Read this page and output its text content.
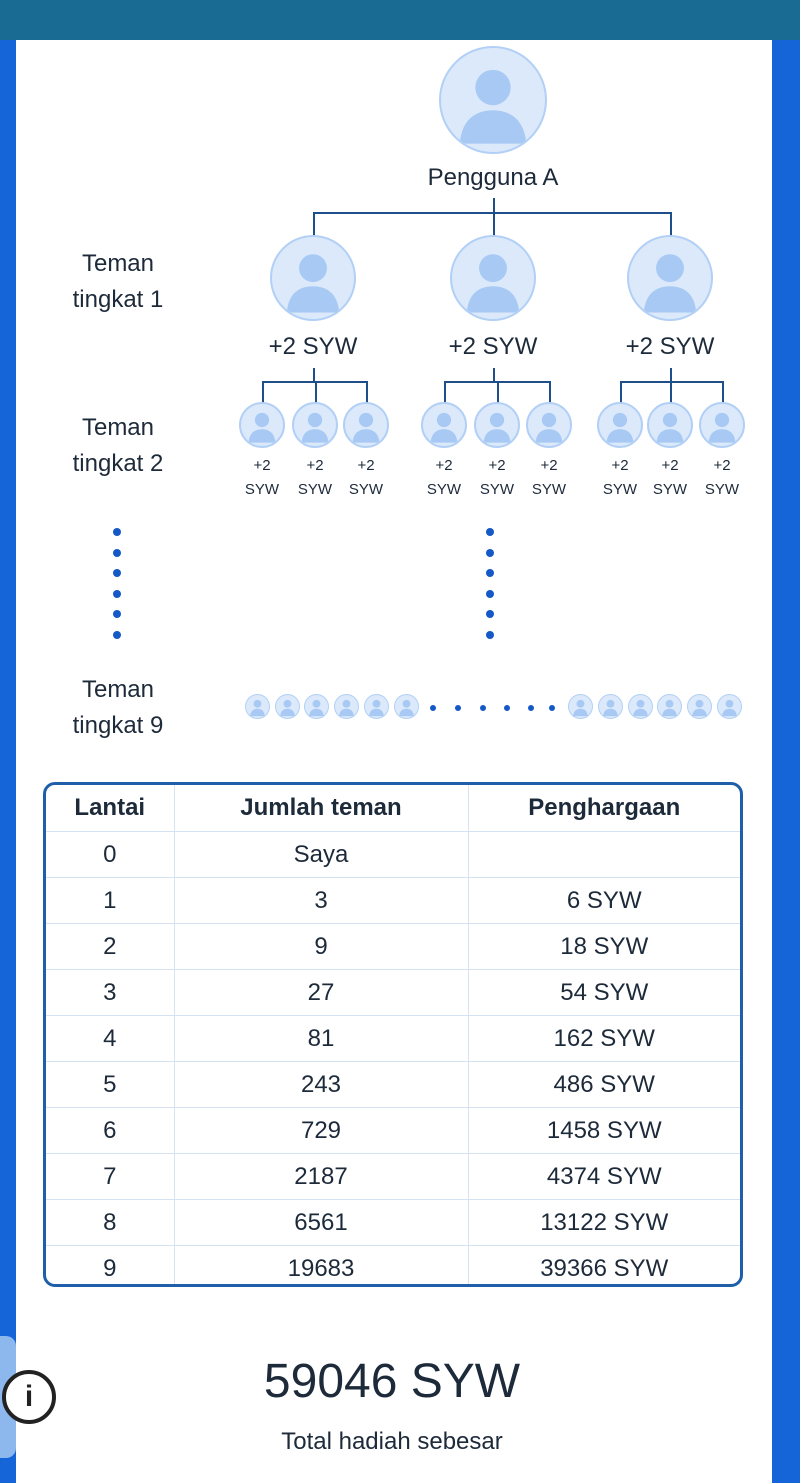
Pengguna A
Teman
tingkat 1
Teman
tingkat 2
Teman
tingkat 9
+2 SYW	+2 SYW	+2 SYW
+2
SYW
+2
SYW
+2
SYW
+2
SYW
+2
SYW
+2
SYW
+2
SYW
+2
SYW
+2
SYW
Lantai	Jumlah teman	Penghargaan
0	Saya	
1	3	6 SYW
2	9	18 SYW
3	27	54 SYW
4	81	162 SYW
5	243	486 SYW
6	729	1458 SYW
7	2187	4374 SYW
8	6561	13122 SYW
9	19683	39366 SYW
59046 SYW
Total hadiah sebesar
i
